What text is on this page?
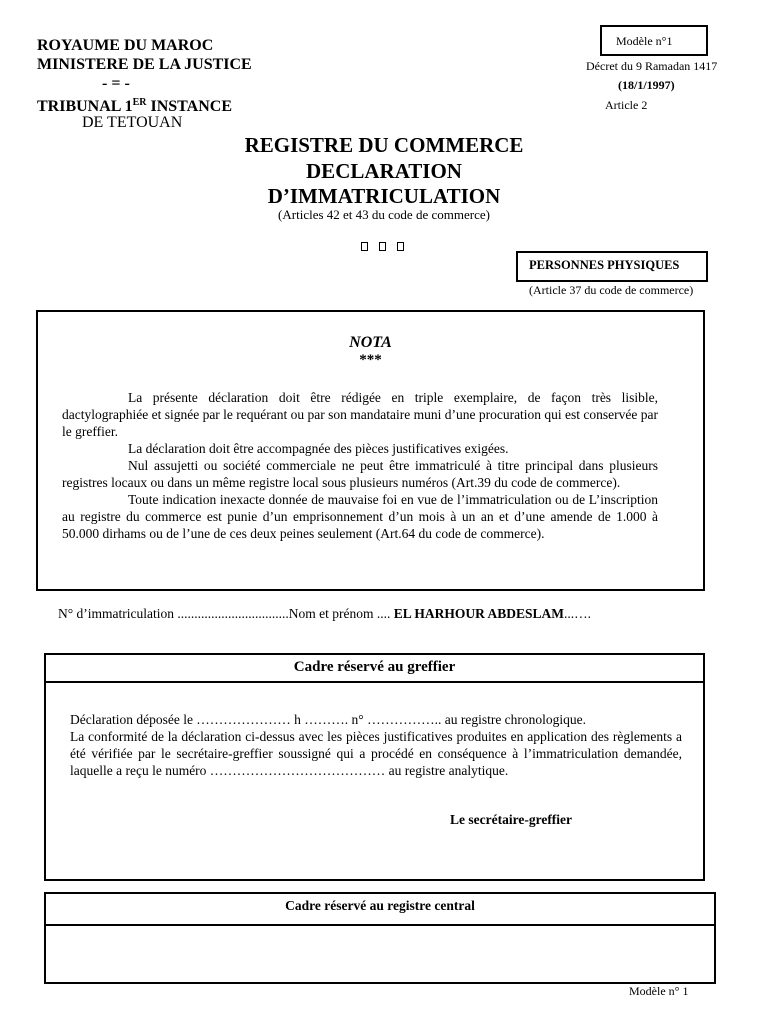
ROYAUME DU MAROC
MINISTERE DE LA JUSTICE
- = -
TRIBUNAL 1ER INSTANCE
DE TETOUAN
Modèle n°1
Décret du 9 Ramadan 1417
(18/1/1997)
Article 2
REGISTRE DU COMMERCE
DECLARATION
D’IMMATRICULATION
(Articles 42 et 43 du code de commerce)
PERSONNES PHYSIQUES
(Article 37 du code de commerce)
NOTA
***

La présente déclaration doit être rédigée en triple exemplaire, de façon très lisible, dactylographiée et signée par le requérant ou par son mandataire muni d’une procuration qui est conservée par le greffier.

La déclaration doit être accompagnée des pièces justificatives exigées.

Nul assujetti ou société commerciale ne peut être immatriculé à titre principal dans plusieurs registres locaux ou dans un même registre local sous plusieurs numéros (Art.39 du code de commerce).

Toute indication inexacte donnée de mauvaise foi en vue de l’immatriculation ou de L’inscription au registre du commerce est punie d’un emprisonnement d’un mois à un an et d’une amende de 1.000 à 50.000 dirhams ou de l’une de ces deux peines seulement (Art.64 du code de commerce).

N° d’immatriculation .................................Nom et prénom .... EL HARHOUR ABDESLAM...….
Cadre réservé au greffier

Déclaration déposée le ………………… h ………. n° …………….. au registre chronologique.

La conformité de la déclaration ci-dessus avec les pièces justificatives produites en application des règlements a été vérifiée par le secrétaire-greffier soussigné qui a procédé en conséquence à l’immatriculation demandée, laquelle a reçu le numéro ………………………………… au registre analytique.

Le secrétaire-greffier
Cadre réservé au registre central
Modèle n° 1
